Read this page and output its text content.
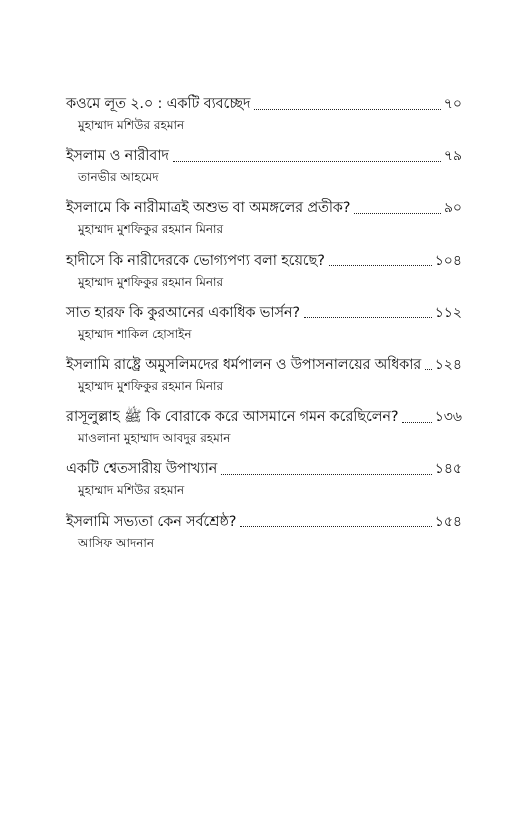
কওমে লূত ২.০ : একটি ব্যবচ্ছেদ	৭০
মুহাম্মাদ মশিউর রহমান
ইসলাম ও নারীবাদ	৭৯
তানভীর আহমেদ
ইসলামে কি নারীমাত্রই অশুভ বা অমঙ্গলের প্রতীক?	৯০
মুহাম্মাদ মুশফিকুর রহমান মিনার
হাদীসে কি নারীদেরকে ভোগ্যপণ্য বলা হয়েছে?	১০৪
মুহাম্মাদ মুশফিকুর রহমান মিনার
সাত হারফ কি কুরআনের একাধিক ভার্সন?	১১২
মুহাম্মাদ শাকিল হোসাইন
ইসলামি রাষ্ট্রে অমুসলিমদের ধর্মপালন ও উপাসনালয়ের অধিকার ১২৪
মুহাম্মাদ মুশফিকুর রহমান মিনার
রাসূলুল্লাহ ﷺ কি বোরাকে করে আসমানে গমন করেছিলেন?	১৩৬
মাওলানা মুহাম্মাদ আবদুর রহমান
একটি শ্বেতসারীয় উপাখ্যান	১৪৫
মুহাম্মাদ মশিউর রহমান
ইসলামি সভ্যতা কেন সর্বশ্রেষ্ঠ?	১৫৪
আসিফ আদনান
